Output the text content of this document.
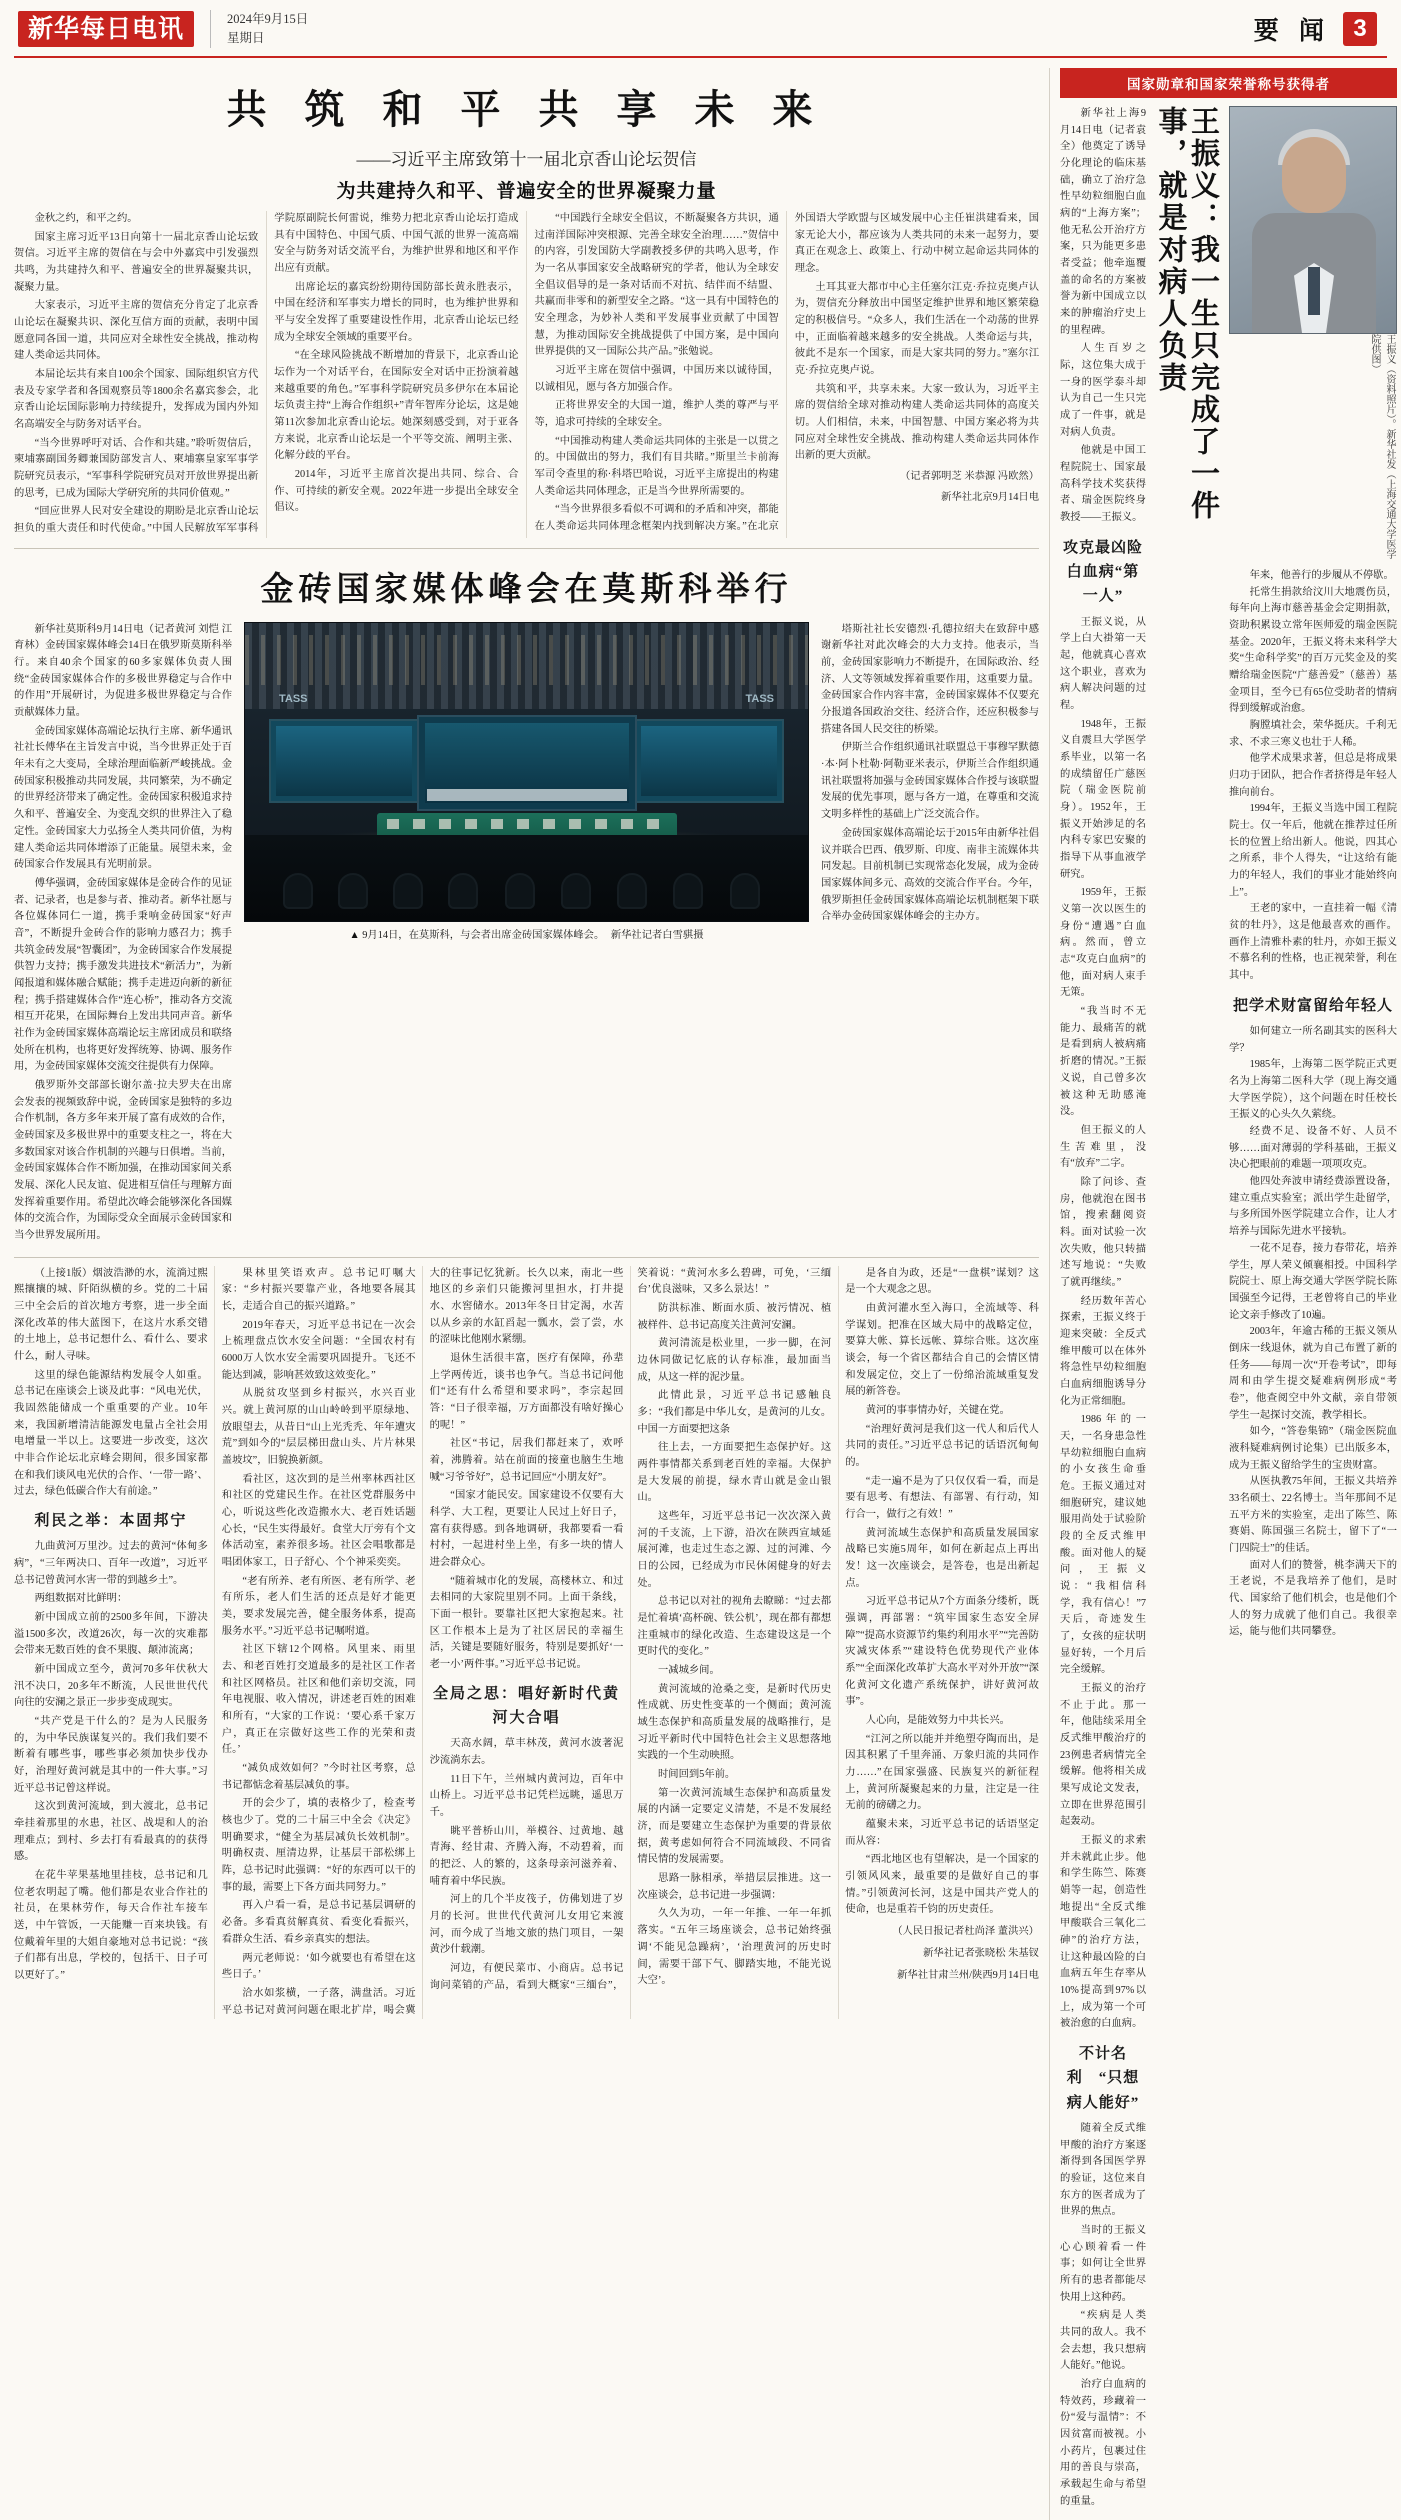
新华每日电讯	2024年9月15日
星期日	要 闻 3
共 筑 和 平 共 享 未 来
——习近平主席致第十一届北京香山论坛贺信
为共建持久和平、普遍安全的世界凝聚力量

金秋之约，和平之约。

国家主席习近平13日向第十一届北京香山论坛致贺信。习近平主席的贺信在与会中外嘉宾中引发强烈共鸣，为共建持久和平、普遍安全的世界凝聚共识，凝聚力量。

大家表示，习近平主席的贺信充分肯定了北京香山论坛在凝聚共识、深化互信方面的贡献，表明中国愿意同各国一道，共同应对全球性安全挑战，推动构建人类命运共同体。

本届论坛共有来自100余个国家、国际组织官方代表及专家学者和各国观察员等1800余名嘉宾参会，北京香山论坛国际影响力持续提升，发挥成为国内外知名高端安全与防务对话平台。

“当今世界呼吁对话、合作和共建。”聆听贺信后，柬埔寨副国务卿兼国防部发言人、柬埔寨皇家军事学院研究员表示，“军事科学院研究员对开放世界提出新的思考，已成为国际大学研究所的共同价值观。”

“回应世界人民对安全建设的期盼是北京香山论坛担负的重大责任和时代使命。”中国人民解放军军事科学院原副院长何雷说，维势力把北京香山论坛打造成具有中国特色、中国气质、中国气派的世界一流高端安全与防务对话交流平台，为维护世界和地区和平作出应有贡献。

出席论坛的嘉宾纷纷期待国防部长黄永胜表示，中国在经济和军事实力增长的同时，也为维护世界和平与安全发挥了重要建设性作用，北京香山论坛已经成为全球安全领域的重要平台。

“在全球风险挑战不断增加的背景下，北京香山论坛作为一个对话平台，在国际安全对话中正扮演着越来越重要的角色。”军事科学院研究员多伊尔在本届论坛负责主持“上海合作组织+”青年智库分论坛，这是她第11次参加北京香山论坛。她深刻感受到，对于亚各方来说，北京香山论坛是一个平等交流、阐明主张、化解分歧的平台。

2014年，习近平主席首次提出共同、综合、合作、可持续的新安全观。2022年进一步提出全球安全倡议。

“中国践行全球安全倡议，不断凝聚各方共识，通过南洋国际冲突根源、完善全球安全治理……”贺信中的内容，引发国防大学副教授多伊的共鸣入思考，作为一名从事国家安全战略研究的学者，他认为全球安全倡议倡导的是一条对话而不对抗、结伴而不结盟、共赢而非零和的新型安全之路。“这一具有中国特色的安全理念，为妙补人类和平发展事业贡献了中国智慧，为推动国际安全挑战提供了中国方案，是中国向世界提供的又一国际公共产品。”张勉说。

习近平主席在贺信中强调，中国历来以诚待国，以诚相见，愿与各方加强合作。

正将世界安全的大国一道，维护人类的尊严与平等，追求可持续的全球安全。

“中国推动构建人类命运共同体的主张是一以贯之的。中国做出的努力，我们有目共睹。”斯里兰卡前海军司令查里的称·科塔巴哈说，习近平主席提出的构建人类命运共同体理念，正是当今世界所需要的。

“当今世界很多看似不可调和的矛盾和冲突，都能在人类命运共同体理念框架内找到解决方案。”在北京外国语大学欧盟与区域发展中心主任崔洪建看来，国家无论大小，都应该为人类共同的未来一起努力，要真正在观念上、政策上、行动中树立起命运共同体的理念。

土耳其亚大都市中心主任塞尔江克·乔拉克奥卢认为，贺信充分释放出中国坚定维护世界和地区繁荣稳定的积极信号。“众多人，我们生活在一个动荡的世界中，正面临着越来越多的安全挑战。人类命运与共，彼此不是东一个国家，而是大家共同的努力。”塞尔江克·乔拉克奥卢说。

共筑和平，共享未来。大家一致认为，习近平主席的贺信给全球对推动构建人类命运共同体的高度关切。人们相信，未来，中国智慧、中国方案必将为共同应对全球性安全挑战、推动构建人类命运共同体作出新的更大贡献。

（记者郭明芝 米恭源 冯欧然）

新华社北京9月14日电

金砖国家媒体峰会在莫斯科举行

新华社莫斯科9月14日电（记者黄河 刘恺 江育林）金砖国家媒体峰会14日在俄罗斯莫斯科举行。来自40余个国家的60多家媒体负责人围绕“金砖国家媒体合作的多极世界稳定与合作中的作用”开展研讨，为促进多极世界稳定与合作贡献媒体力量。

金砖国家媒体高端论坛执行主席、新华通讯社社长傅华在主旨发言中说，当今世界正处于百年未有之大变局，全球治理面临新严峻挑战。金砖国家积极推动共同发展，共同繁荣，为不确定的世界经济带来了确定性。金砖国家积极追求持久和平、普遍安全、为变乱交织的世界注入了稳定性。金砖国家大力弘扬全人类共同价值，为构建人类命运共同体增添了正能量。展望未来，金砖国家合作发展具有光明前景。

傅华强调，金砖国家媒体是金砖合作的见证者、记录者，也是参与者、推动者。新华社愿与各位媒体同仁一道，携手秉响金砖国家“好声音”，不断提升金砖合作的影响力感召力；携手共筑金砖发展“智囊团”，为金砖国家合作发展提供智力支持；携手激发共进技术“新活力”，为新闻报道和媒体融合赋能；携手走进迈向新的新征程；携手搭建媒体合作“连心桥”，推动各方交流相互开花果，在国际舞台上发出共同声音。新华社作为金砖国家媒体高端论坛主席团成员和联络处所在机构，也将更好发挥统筹、协调、服务作用，为金砖国家媒体交流交往提供有力保障。

俄罗斯外交部部长谢尔盖·拉夫罗夫在出席会发表的视频致辞中说，金砖国家是独特的多边合作机制，各方多年来开展了富有成效的合作，金砖国家及多极世界中的重要支柱之一，将在大多数国家对该合作机制的兴趣与日俱增。当前，金砖国家媒体合作不断加强，在推动国家间关系发展、深化人民友谊、促进相互信任与理解方面发挥着重要作用。希望此次峰会能够深化各国媒体的交流合作，为国际受众全面展示金砖国家和当今世界发展所用。

TASS	TASS
▲ 9月14日，在莫斯科，与会者出席金砖国家媒体峰会。 新华社记者白雪骐摄

塔斯社社长安德烈·孔德拉绍夫在致辞中感谢新华社对此次峰会的大力支持。他表示，当前，金砖国家影响力不断提升，在国际政治、经济、人文等领域发挥着重要作用，这重要力量。金砖国家合作内容丰富，金砖国家媒体不仅要充分报道各国政治交往、经济合作，还应积极参与搭建各国人民交往的桥梁。

伊斯兰合作组织通讯社联盟总干事穆罕默德·本·阿卜杜勒·阿勒亚米表示，伊斯兰合作组织通讯社联盟将加强与金砖国家媒体合作授与该联盟发展的优先事项，愿与各方一道，在尊重和交流文明多样性的基础上广泛交流合作。

金砖国家媒体高端论坛于2015年由新华社倡议并联合巴西、俄罗斯、印度、南非主流媒体共同发起。目前机制已实现常态化发展，成为金砖国家媒体间多元、高效的交流合作平台。今年，俄罗斯担任金砖国家媒体高端论坛机制框架下联合举办金砖国家媒体峰会的主办方。

（上接1版）烟波浩渺的水，流淌过熙熙攘攘的城、阡陌纵横的乡。党的二十届三中全会后的首次地方考察，进一步全面深化改革的伟大蓝图下，在这片水系交错的土地上，总书记想什么、看什么、要求什么，耐人寻味。

这里的绿色能源结构发展令人如重。总书记在座谈会上谈及此事：“风电光伏，我固然能储成一个重重要的产业。10年来，我国新增清洁能源发电量占全社会用电增量一半以上。这要进一步改变，这次中非合作论坛北京峰会期间，很多国家都在和我们谈风电光伏的合作、‘一带一路’、过去，绿色低碳合作大有前途。”

利民之举：本固邦宁

九曲黄河万里沙。过去的黄河“体甸多病”，“三年两决口、百年一改道”，习近平总书记曾黄河水害一带的到越乡土”。

两组数据对比鲜明：

新中国成立前的2500多年间，下游决溢1500多次，改道26次，每一次的灾难都会带来无数百姓的食不果腹、颠沛流离；

新中国成立至今，黄河70多年伏秋大汛不决口，20多年不断流，人民世世代代向往的安澜之景正一步步变成现实。

“共产党是干什么的？是为人民服务的，为中华民族谋复兴的。我们我们要不断着有哪些事，哪些事必须加快步伐办好，治理好黄河就是其中的一件大事。”习近平总书记曾这样说。

这次到黄河流域，到大渡北，总书记牵挂着那里的水患，社区、战堤和人的治理难点；到村、乡去打有看最真的的获得感。

在花牛苹果基地里挂枝，总书记和几位老农明起了嘴。他们都是农业合作社的社员，在果林劳作，每天合作社车接车送，中午管饭，一天能赚一百来块钱。有位戴着年里的大姐自豪地对总书记说：“孩子们都有出息，学校的，包括干、日子可以更好了。”

果林里笑语欢声。总书记叮嘱大家：“乡村振兴要靠产业，各地要各展其长，走适合自己的振兴道路。”

2019年春天，习近平总书记在一次会上梳理盘点饮水安全问题：“全国农村有6000万人饮水安全需要巩固提升。飞还不能达到减，影响甚效致这效变化。”

从脱贫攻坚到乡村振兴，水兴百业兴。就上黄河原的山山岭岭到平原绿地、放眼望去，从昔日“山上光秃秃、年年遭灾荒”到如今的“层层梯田盘山头、片片林果盖坡坟”，旧貌换新颜。

看社区，这次到的是兰州率林西社区和社区的党建民生作。在社区党群服务中心，听说这些化改造搬水大、老百姓话题心长，“民生实得最好。食堂大厅旁有个文体活动室，素养很多场。社区会唱歌都是唱团体家工，日子舒心、个个神采奕奕。

“老有所养、老有所医、老有所学、老有所乐，老人们生活的还点是好才能更美，要求发展完善，健全服务体系，提高服务水平。”习近平总书记嘱咐道。

社区下辖12个网格。风里来、雨里去、和老百姓打交道最多的是社区工作者和社区网格员。社区和他们亲切交流，同年电视服、收入情况，讲述老百姓的困难和所有，“大家的工作说：‘要心系千家万户，真正在宗做好这些工作的光荣和责任。’

“减负成效如何？”今时社区考察，总书记都惦念着基层减负的事。

开的会少了，填的表格少了，检查考核也少了。党的二十届三中全会《决定》明确要求，“健全为基层减负长效机制”。明确权责、厘清边界，让基层干部松绑上阵，总书记时此强调：“好的东西可以干的事的最，需要上下各方面共同努力。”

再入户看一看，是总书记基层调研的必备。多看真贫解真贫、看变化看振兴，看群众生活、看乡亲真实的想法。

两元老师说：‘如今就要也有希望在这些日子。’

洽水如浆横，一子落，满盘活。习近平总书记对黄河问题在眼北扩岸，喝会冀大的往事记忆犹新。长久以来，南北一些地区的乡亲们只能搬河里担水，打井提水、水窖储水。2013年冬日甘定渴，水苦以从乡亲的水缸舀起一瓢水，尝了尝，水的涩味比他刚水紧绷。

退休生活很丰富，医疗有保障，孙辈上学两传近，谈书也争气。当总书记问他们“还有什么希望和要求吗”，李宗起回答：“日子很幸福，万方面都没有啥好操心的呢！”

社区“书记，居我们都赶来了，欢呼着，沸腾着。站在前面的接童也脑生生地喊“习爷爷好”，总书记回应“小朋友好”。

“国家才能民安。国家建设不仅要有大科学、大工程，更要让人民过上好日子，富有获得感。到各地调研，我都要看一看村村，一起进村坐上坐，有多一块的情人进会群众心。

“随着城市化的发展，高楼林立、和过去相同的大家院里别不同。上面干条线，下面一根针。要靠社区把大家抱起来。社区工作根本上是为了社区居民的幸福生活，关键是要随好服务，特别是要抓好‘一老一小’两件事。”习近平总书记说。

全局之思：唱好新时代黄河大合唱

天高水阔，草丰林茂，黄河水波著泥沙流淌东去。

11日下午，兰州城内黄河边，百年中山桥上。习近平总书记凭栏远眺，遥思万千。

眺平普桥山川，举模谷、过黄地、越青海、经甘肃、齐腾入海，不动碧着，而的把泛、人的繁的，这条母亲河滋养着、哺育着中华民族。

河上的几个半皮筏子，仿佛划进了岁月的长河。世世代代黄河儿女用它来渡河，而今成了当地文旅的热门项目，一架黄沙什载潮。

河边，有便民菜市、小商店。总书记询问菜销的产品，看到大概家“三缅台”，笑着说：“黄河水多么碧碑，可免，‘三缅台’优良滋味，又多么景达！”

防洪标准、断面水质、被污情况、植被样件、总书记高度关注黄河安澜。

黄河清流是松业里，一步一脚，在河边休同做记忆底的认存标准，最加面当成，从这一样的泥沙量。

此情此景，习近平总书记感触良多：“我们都是中华儿女，是黄河的儿女。中国一方面要把这条

往上去，一方面要把生态保护好。这两件事情都关系到老百姓的幸福。大保护是大发展的前提，绿水青山就是金山银山。

这些年，习近平总书记一次次深入黄河的千支流，上下游，沿次在陕西宣域延展河滩，也走过生态之源、过的河滩、今日的公园，已经成为市民休闲健身的好去处。

总书记以对社的视角去瞭睇：“过去都是忙着填‘高杯碗、铁公机’，现在都有都想注重城市的绿化改造、生态建设这是一个更时代的变化。”

一减城乡间。

黄河流域的沧桑之变，是新时代历史性成就、历史性变革的一个侧面；黄河流域生态保护和高质量发展的战略推行，是习近平新时代中国特色社会主义思想落地实践的一个生动映照。

时间回到5年前。

第一次黄河流域生态保护和高质量发展的内涵一定要定义清楚，不是不发展经济，而是要建立生态保护为重要的背景依据，黄考虑如何符合不同流域段、不同省情民情的发展需要。

思路一脉相承，举措层层推进。这一次座谈会，总书记进一步强调：

久久为功，一年一年推、一年一年抓落实。“五年三场座谈会，总书记始终强调‘不能见急躁病’，‘治理黄河的历史时间，需要干部下气、脚踏实地，不能光说大空’。

是各自为政，还是“一盘棋”谋划？这是一个大观念之思。

由黄河灌水至入海口，全流域等、科学谋划。把准在区域大局中的战略定位，要算大帐、算长远帐、算综合账。这次座谈会，每一个省区都结合自己的会情区情和发展定位，交上了一份绵治流域重复发展的新答卷。

黄河的事事情办好，关键在党。

“治理好黄河是我们这一代人和后代人共同的责任。”习近平总书记的话语沉甸甸的。

“走一遍不是为了只仅仅看一看，而是要有思考、有想法、有部署、有行动，知行合一，做行之有效！”

黄河流域生态保护和高质量发展国家战略已实施5周年，如何在新起点上再出发！这一次座谈会，是答卷，也是出新起点。

习近平总书记从7个方面条分缕析，既强调，再部署：“筑牢国家生态安全屏障”“提高水资源节约集约利用水平”“完善防灾减灾体系”“建设特色优势现代产业体系”“全面深化改革扩大高水平对外开放”“深化黄河文化遗产系统保护，讲好黄河故事”。

人心向，是能效努力中共长兴。

“江河之所以能并并绝塑夺陶而出，是因其积累了千里奔涌、万象归流的共同作力……”在国家强盛、民族复兴的新征程上，黄河所凝聚起来的力量，注定是一往无前的磅礴之力。

蕴聚未来，习近平总书记的话语坚定而从容：

“西北地区也有望解决，是一个国家的引领风风来，最重要的是做好自己的事情。”引领黄河长河，这是中国共产党人的使命，也是重若千钧的历史责任。

（人民日报记者杜尚泽 董洪兴）

新华社记者张晓松 朱基钗

新华社甘肃兰州/陕西9月14日电

国家勋章和国家荣誉称号获得者

新华社上海9月14日电（记者袁全）他奠定了诱导分化理论的临床基础，确立了治疗急性早幼粒细胞白血病的“上海方案”；他无私公开治疗方案，只为能更多患者受益；他牵迤覆盖的命名的方案被誉为新中国成立以来的肿瘤治疗史上的里程碑。

人生百岁之际，这位集大成于一身的医学泰斗却认为自己一生只完成了一件事，就是对病人负责。

他就是中国工程院院士、国家最高科学技术奖获得者、瑞金医院终身教授——王振义。

攻克最凶险白血病“第一人”

王振义说，从学上白大褂第一天起，他就真心喜欢这个职业，喜欢为病人解决问题的过程。

1948年，王振义自震旦大学医学系毕业，以第一名的成绩留任广慈医院（瑞金医院前身）。1952年，王振义开始涉足的名内科专家巴安聚的指导下从事血液学研究。

1959年，王振义第一次以医生的身份“遭遇”白血病。然而，曾立志“攻克白血病”的他，面对病人束手无策。

“我当时不无能力、最痛苦的就是看到病人被病痛折磨的情况。”王振义说，自己曾多次被这种无助感淹没。

但王振义的人生苦难里，没有“放弃”二字。

除了问诊、查房，他就泡在图书馆，搜索翻阅资料。面对试验一次次失败，他只转描述写地说：“失败了就再继续。”

经历数年苦心探索，王振义终于迎来突破：全反式维甲酸可以在体外将急性早幼粒细胞白血病细胞诱导分化为正常细胞。

1986年的一天，一名身患急性早幼粒细胞白血病的小女孩生命垂危。王振义通过对细胞研究，建议她服用尚处于试验阶段的全反式维甲酸。面对他人的疑问，王振义说：“我相信科学，我有信心！”7天后，奇迹发生了，女孩的症状明显好转，一个月后完全缓解。

王振义的治疗不止于此。那一年，他陆续采用全反式维甲酸治疗的23例患者病情完全缓解。他将相关成果写成论文发表，立即在世界范围引起轰动。

王振义的求索并未就此止步。他和学生陈竺、陈赛娟等一起，创造性地提出“全反式维甲酸联合三氧化二砷”的治疗方法，让这种最凶险的白血病五年生存率从10%提高到97%以上，成为第一个可被治愈的白血病。

不计名利　“只想病人能好”

随着全反式维甲酸的治疗方案逐渐得到各国医学界的验证，这位来自东方的医者成为了世界的焦点。

当时的王振义心心顾着看一件事；如何让全世界所有的患者都能尽快用上这种药。

“疾病是人类共同的敌人。我不会去想，我只想病人能好。”他说。

治疗白血病的特效药，珍藏着一份“爱与温情”：不因贫富而被视。小小药片，包裹过住用的善良与崇高，承载起生命与希望的重量。

王振义：我一生只完成了一件事，就是对病人负责
王振义（资料照片）。新华社发（上海交通大学医学院供图）

年来，他善行的步履从不停歇。

托常生捐款给汶川大地震伤员，每年向上海市慈善基金会定期捐款，资助积累设立常年医师爱的瑞金医院基金。2020年，王振义将未来科学大奖“生命科学奖”的百万元奖金及的奖赠给瑞金医院“广慈善爱”（慈善）基金项目，至今已有65位受助者的情病得到缓解或治愈。

胸膛填社会，荣华挺庆。千利无求、不求三寒义也壮于人稀。

他学术成果求著，但总是将成果归功于团队，把合作者挤得是年轻人推向前台。

1994年，王振义当选中国工程院院士。仅一年后，他就在推荐过任所长的位置上给出新人。他说，四其心之所系，非个人得失，“让这给有能力的年轻人，我们的事业才能始终向上”。

王老的家中，一直挂着一幅《清贫的牡丹》，这是他最喜欢的画作。画作上清雅朴素的牡丹，亦如王振义不慕名利的性格，也正视荣誉，利在其中。

把学术财富留给年轻人

如何建立一所名副其实的医科大学？

1985年，上海第二医学院正式更名为上海第二医科大学（现上海交通大学医学院），这个问题在时任校长王振义的心头久久萦绕。

经费不足、设备不好、人员不够……面对薄弱的学科基础，王振义决心把眼前的难题一项项攻克。

他四处奔波申请经费添置设备，建立重点实验室；派出学生赴留学，与多所国外医学院建立合作，让人才培养与国际先进水平接轨。

一花不足春，接力春带花，培养学生，厚人荣义倾襄相授。中国科学院院士、原上海交通大学医学院长陈国强至今记得，王老曾将自己的毕业论文亲手修改了10遍。

2003年，年逾古稀的王振义领从倒床一线退休，就为自己布置了新的任务——每周一次“开卷考试”，即每周和由学生提交疑难病例形成“考卷”，他查阅空中外文献，亲自带领学生一起探讨交流，教学相长。

如今，“答卷集锦”（瑞金医院血液科疑难病例讨论集）已出版多本，成为王振义留给学生的宝贵财富。

从医执教75年间，王振义共培养33名硕士、22名博士。当年那间不足五平方米的实验室，走出了陈竺、陈赛娟、陈国强三名院士，留下了“一门四院士”的佳话。

面对人们的赞誉，桃李满天下的王老说，不是我培养了他们，是时代、国家给了他们机会，也是他们个人的努力成就了他们自己。我很幸运，能与他们共同攀登。
